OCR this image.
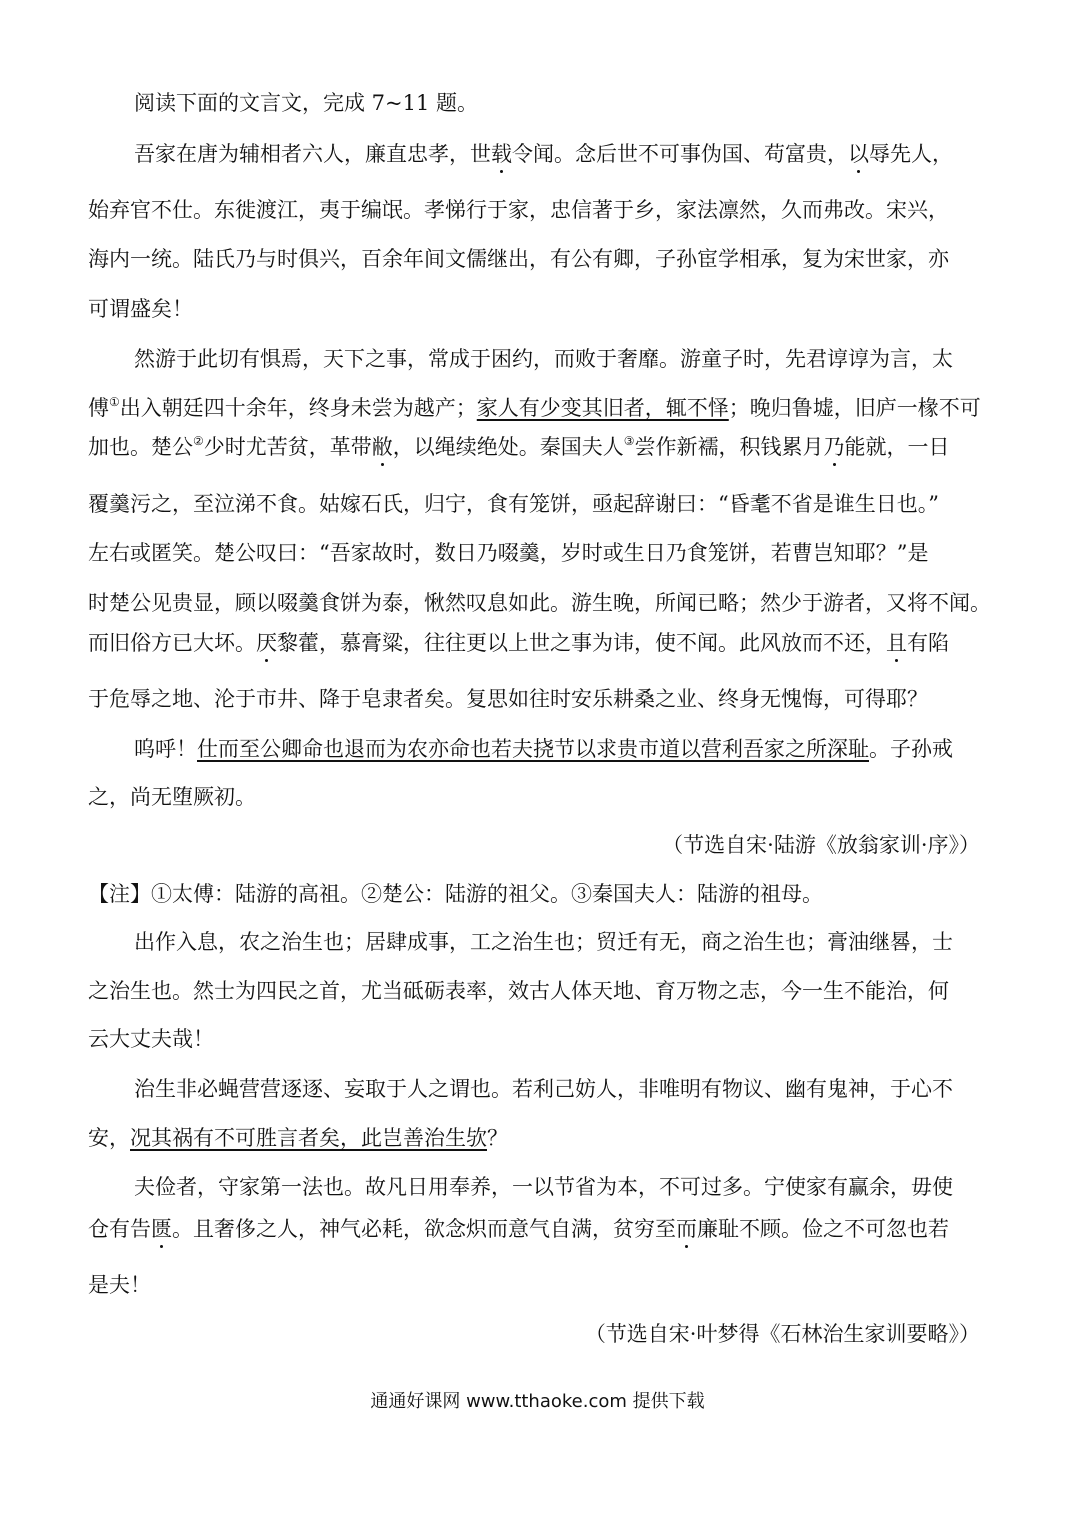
阅读下面的文言文，完成 7~11 题。
吾家在唐为辅相者六人，廉直忠孝，世载令闻。念后世不可事伪国、苟富贵，以辱先人，
始弃官不仕。东徙渡江，夷于编氓。孝悌行于家，忠信著于乡，家法凛然，久而弗改。宋兴，
海内一统。陆氏乃与时俱兴，百余年间文儒继出，有公有卿，子孙宦学相承，复为宋世家，亦
可谓盛矣！
然游于此切有惧焉，天下之事，常成于困约，而败于奢靡。游童子时，先君谆谆为言，太
傅①出入朝廷四十余年，终身未尝为越产；家人有少变其旧者，辄不怿；晚归鲁墟，旧庐一椽不可
加也。楚公②少时尤苦贫，革带敝，以绳续绝处。秦国夫人③尝作新襦，积钱累月乃能就，一日
覆羹污之，至泣涕不食。姑嫁石氏，归宁，食有笼饼，亟起辞谢曰：“昏耄不省是谁生日也。”
左右或匿笑。楚公叹曰：“吾家故时，数日乃啜羹，岁时或生日乃食笼饼，若曹岂知耶？”是
时楚公见贵显，顾以啜羹食饼为泰，愀然叹息如此。游生晚，所闻已略；然少于游者，又将不闻。
而旧俗方已大坏。厌黎藿，慕膏粱，往往更以上世之事为讳，使不闻。此风放而不还，且有陷
于危辱之地、沦于市井、降于皂隶者矣。复思如往时安乐耕桑之业、终身无愧悔，可得耶？
呜呼！仕而至公卿命也退而为农亦命也若夫挠节以求贵市道以营利吾家之所深耻。子孙戒
之，尚无堕厥初。
（节选自宋·陆游《放翁家训·序》）
【注】①太傅：陆游的高祖。②楚公：陆游的祖父。③秦国夫人：陆游的祖母。
出作入息，农之治生也；居肆成事，工之治生也；贸迁有无，商之治生也；膏油继晷，士
之治生也。然士为四民之首，尤当砥砺表率，效古人体天地、育万物之志，今一生不能治，何
云大丈夫哉！
治生非必蝇营营逐逐、妄取于人之谓也。若利己妨人，非唯明有物议、幽有鬼神，于心不
安，况其祸有不可胜言者矣，此岂善治生欤？
夫俭者，守家第一法也。故凡日用奉养，一以节省为本，不可过多。宁使家有赢余，毋使
仓有告匮。且奢侈之人，神气必耗，欲念炽而意气自满，贫穷至而廉耻不顾。俭之不可忽也若
是夫！
（节选自宋·叶梦得《石林治生家训要略》）
通通好课网 www.tthaoke.com 提供下载
